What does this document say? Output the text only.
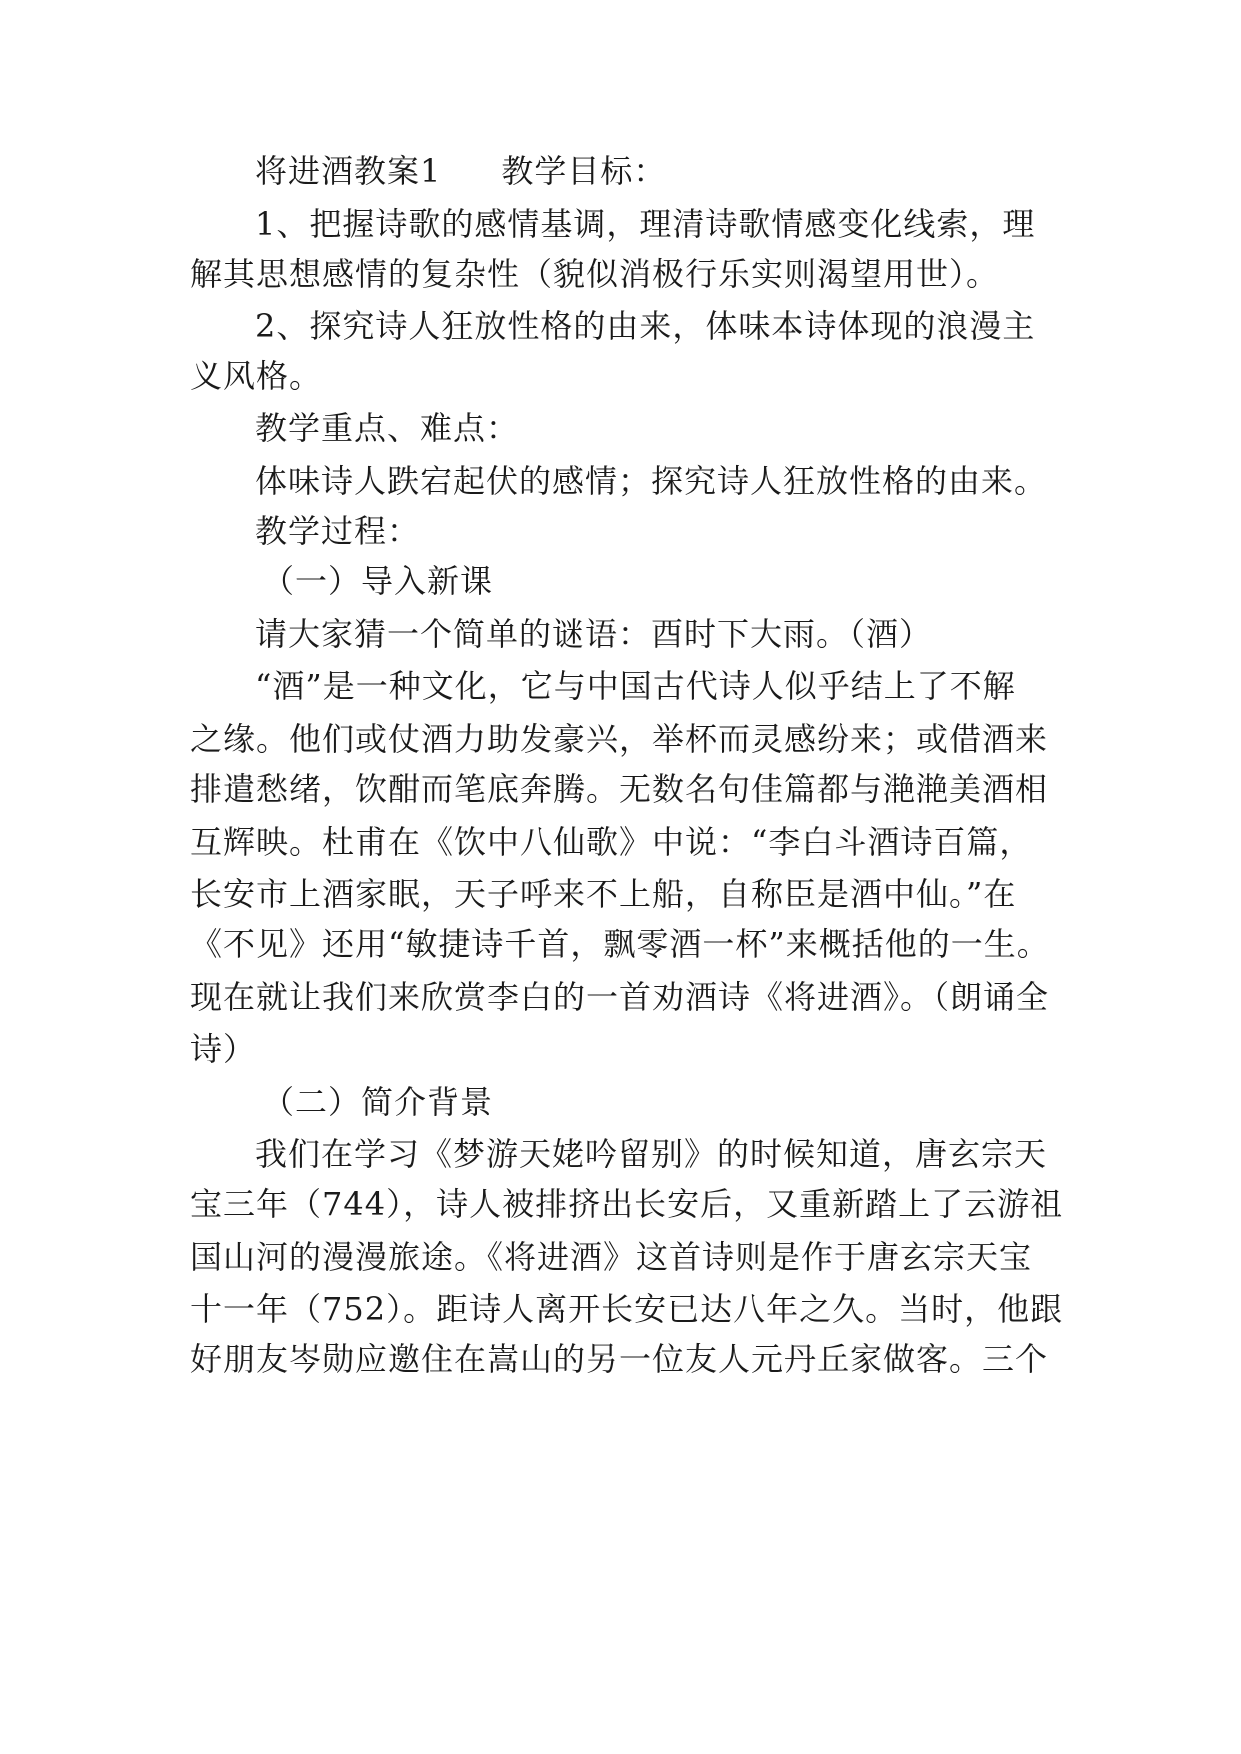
将进酒教案1 教学目标：
1、把握诗歌的感情基调，理清诗歌情感变化线索，理
解其思想感情的复杂性（貌似消极行乐实则渴望用世）。
2、探究诗人狂放性格的由来，体味本诗体现的浪漫主
义风格。
教学重点、难点：
体味诗人跌宕起伏的感情；探究诗人狂放性格的由来。
教学过程：
（一）导入新课
请大家猜一个简单的谜语：酉时下大雨。（酒）
“酒”是一种文化，它与中国古代诗人似乎结上了不解
之缘。他们或仗酒力助发豪兴，举杯而灵感纷来；或借酒来
排遣愁绪，饮酣而笔底奔腾。无数名句佳篇都与滟滟美酒相
互辉映。杜甫在《饮中八仙歌》中说：“李白斗酒诗百篇，
长安市上酒家眠，天子呼来不上船，自称臣是酒中仙。”在
《不见》还用“敏捷诗千首，飘零酒一杯”来概括他的一生。
现在就让我们来欣赏李白的一首劝酒诗《将进酒》。（朗诵全
诗）
（二）简介背景
我们在学习《梦游天姥吟留别》的时候知道，唐玄宗天
宝三年（744），诗人被排挤出长安后，又重新踏上了云游祖
国山河的漫漫旅途。《将进酒》这首诗则是作于唐玄宗天宝
十一年（752）。距诗人离开长安已达八年之久。当时，他跟
好朋友岑勋应邀住在嵩山的另一位友人元丹丘家做客。三个
